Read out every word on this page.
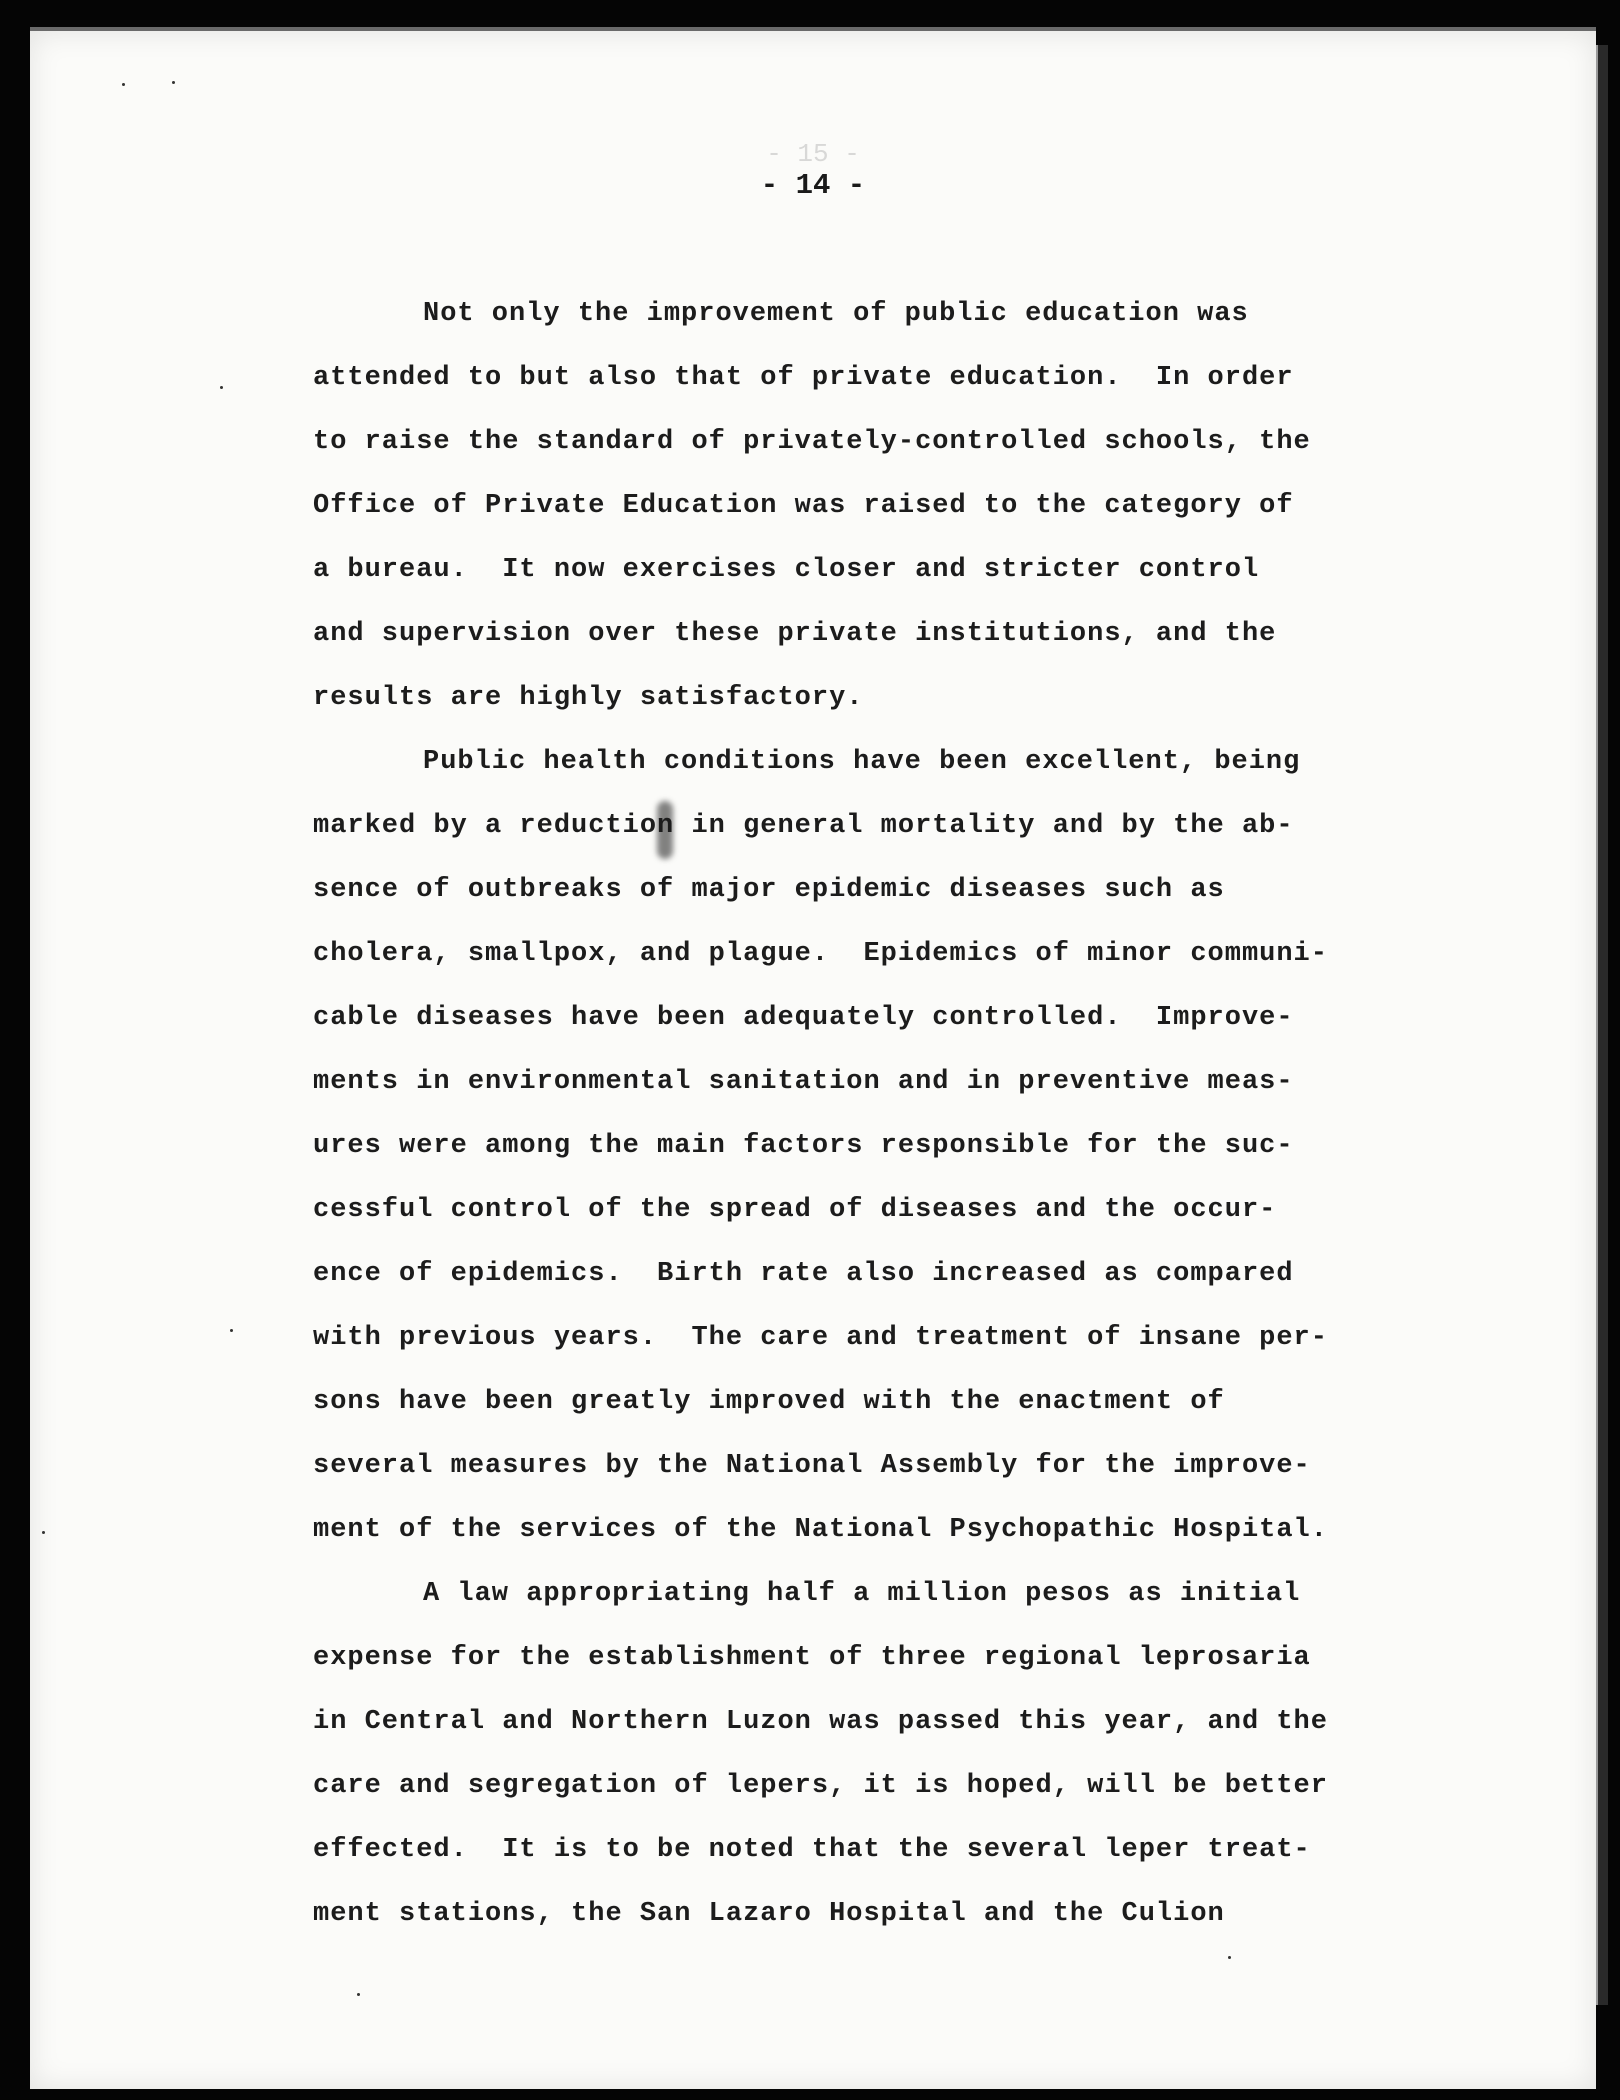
- 15 -

- 14 -

Not only the improvement of public education was

attended to but also that of private education.  In order

to raise the standard of privately-controlled schools, the

Office of Private Education was raised to the category of

a bureau.  It now exercises closer and stricter control

and supervision over these private institutions, and the

results are highly satisfactory.

Public health conditions have been excellent, being

marked by a reduction in general mortality and by the ab-

sence of outbreaks of major epidemic diseases such as

cholera, smallpox, and plague.  Epidemics of minor communi-

cable diseases have been adequately controlled.  Improve-

ments in environmental sanitation and in preventive meas-

ures were among the main factors responsible for the suc-

cessful control of the spread of diseases and the occur-

ence of epidemics.  Birth rate also increased as compared

with previous years.  The care and treatment of insane per-

sons have been greatly improved with the enactment of

several measures by the National Assembly for the improve-

ment of the services of the National Psychopathic Hospital.

A law appropriating half a million pesos as initial

expense for the establishment of three regional leprosaria

in Central and Northern Luzon was passed this year, and the

care and segregation of lepers, it is hoped, will be better

effected.  It is to be noted that the several leper treat-

ment stations, the San Lazaro Hospital and the Culion
